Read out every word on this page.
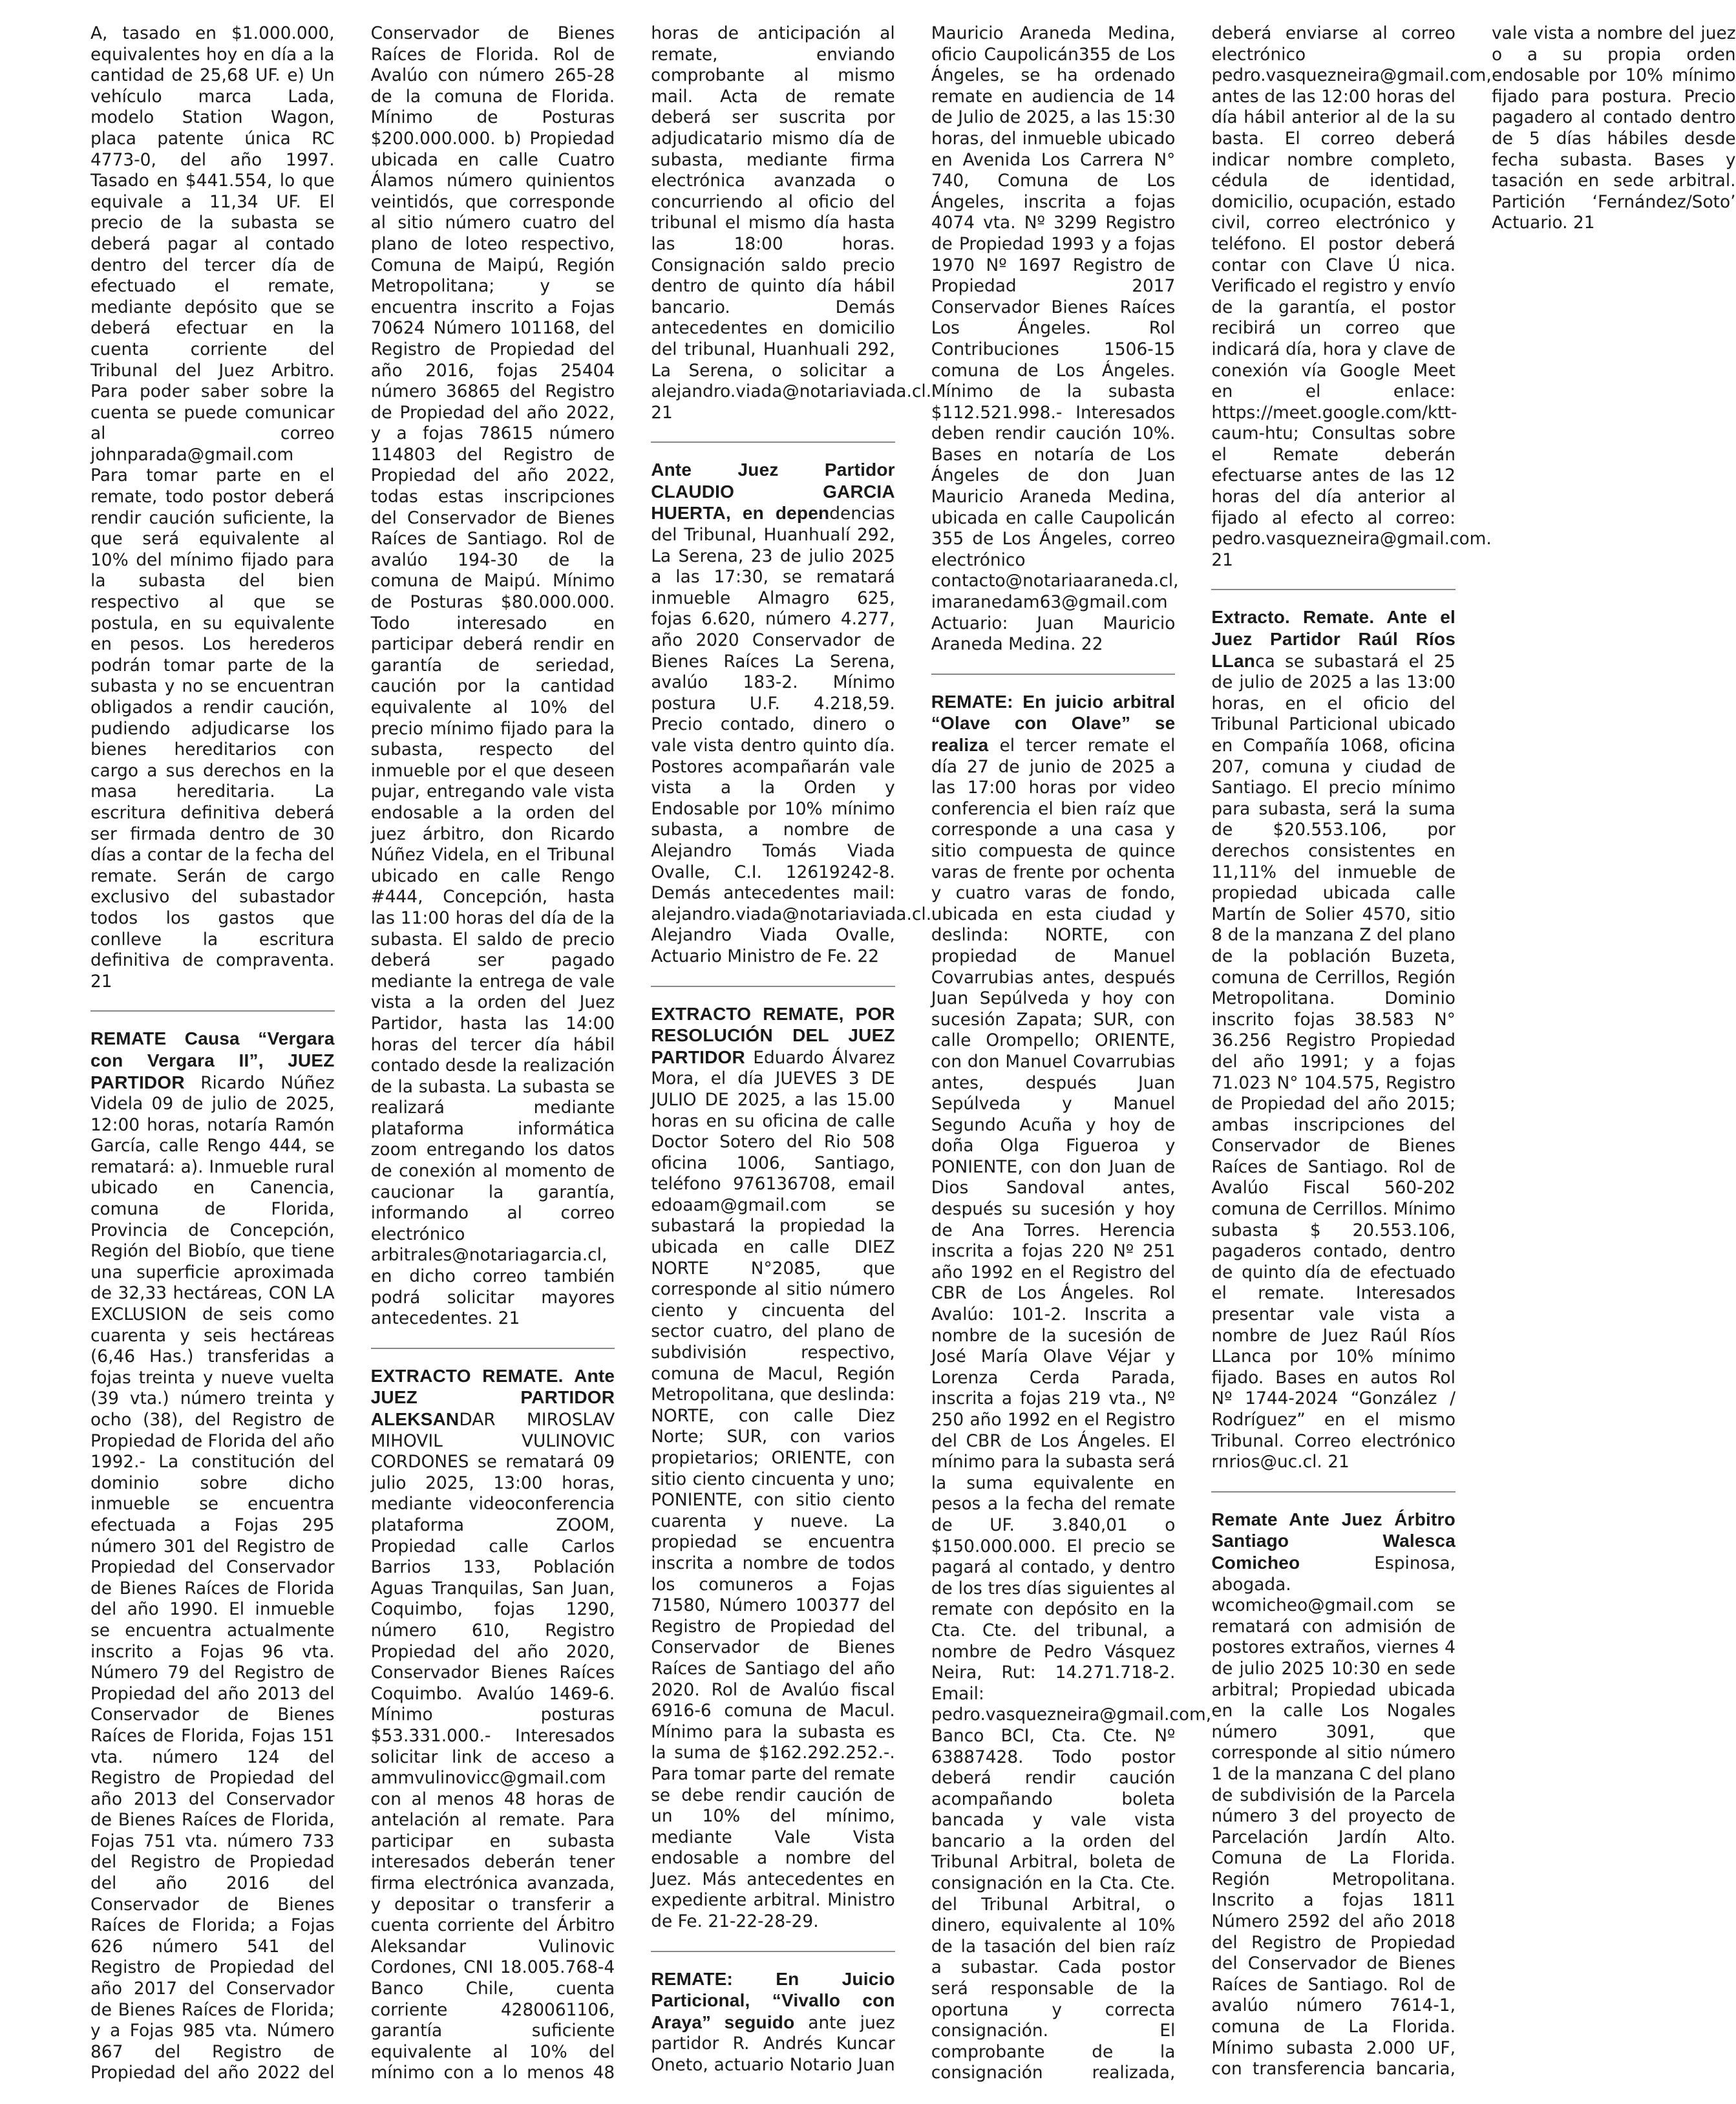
A, tasado en $1.000.000, equivalentes hoy en día a la cantidad de 25,68 UF. e) Un vehículo marca Lada, modelo Station Wagon, placa patente única RC 4773-0, del año 1997. Tasado en $441.554, lo que equivale a 11,34 UF. El precio de la subasta se deberá pagar al contado dentro del tercer día de efectuado el remate, mediante depósito que se deberá efectuar en la cuenta corriente del Tribunal del Juez Arbitro. Para poder saber sobre la cuenta se puede comunicar al correo johnparada@gmail.com Para tomar parte en el remate, todo postor deberá rendir caución suficiente, la que será equivalente al 10% del mínimo fijado para la subasta del bien respectivo al que se postula, en su equivalente en pesos. Los herederos podrán tomar parte de la subasta y no se encuentran obligados a rendir caución, pudiendo adjudicarse los bienes hereditarios con cargo a sus derechos en la masa hereditaria. La escritura definitiva deberá ser firmada dentro de 30 días a contar de la fecha del remate. Serán de cargo exclusivo del subastador todos los gastos que conlleve la escritura definitiva de compraventa. 21

REMATE Causa “Vergara con Vergara II”, JUEZ PARTIDOR Ricardo Núñez Videla 09 de julio de 2025, 12:00 horas, notaría Ramón García, calle Rengo 444, se rematará: a). Inmueble rural ubicado en Canencia, comuna de Florida, Provincia de Concepción, Región del Biobío, que tiene una superficie aproximada de 32,33 hectáreas, CON LA EXCLUSION de seis como cuarenta y seis hectáreas (6,46 Has.) transferidas a fojas treinta y nueve vuelta (39 vta.) número treinta y ocho (38), del Registro de Propiedad de Florida del año 1992.- La constitución del dominio sobre dicho inmueble se encuentra efectuada a Fojas 295 número 301 del Registro de Propiedad del Conservador de Bienes Raíces de Florida del año 1990. El inmueble se encuentra actualmente inscrito a Fojas 96 vta. Número 79 del Registro de Propiedad del año 2013 del Conservador de Bienes Raíces de Florida, Fojas 151 vta. número 124 del Registro de Propiedad del año 2013 del Conservador de Bienes Raíces de Florida, Fojas 751 vta. número 733 del Registro de Propiedad del año 2016 del Conservador de Bienes Raíces de Florida; a Fojas 626 número 541 del Registro de Propiedad del año 2017 del Conservador de Bienes Raíces de Florida; y a Fojas 985 vta. Número 867 del Registro de Propiedad del año 2022 del Conservador de Bienes Raíces de Florida. Rol de Avalúo con número 265-28 de la comuna de Florida. Mínimo de Posturas $200.000.000. b) Propiedad ubicada en calle Cuatro Álamos número quinientos veintidós, que corresponde al sitio número cuatro del plano de loteo respectivo, Comuna de Maipú, Región Metropolitana; y se encuentra inscrito a Fojas 70624 Número 101168, del Registro de Propiedad del año 2016, fojas 25404 número 36865 del Registro de Propiedad del año 2022, y a fojas 78615 número 114803 del Registro de Propiedad del año 2022, todas estas inscripciones del Conservador de Bienes Raíces de Santiago. Rol de avalúo 194-30 de la comuna de Maipú. Mínimo de Posturas $80.000.000. Todo interesado en participar deberá rendir en garantía de seriedad, caución por la cantidad equivalente al 10% del precio mínimo fijado para la subasta, respecto del inmueble por el que deseen pujar, entregando vale vista endosable a la orden del juez árbitro, don Ricardo Núñez Videla, en el Tribunal ubicado en calle Rengo #444, Concepción, hasta las 11:00 horas del día de la subasta. El saldo de precio deberá ser pagado mediante la entrega de vale vista a la orden del Juez Partidor, hasta las 14:00 horas del tercer día hábil contado desde la realización de la subasta. La subasta se realizará mediante plataforma informática zoom entregando los datos de conexión al momento de caucionar la garantía, informando al correo electrónico arbitrales@notariagarcia.cl, en dicho correo también podrá solicitar mayores antecedentes. 21

EXTRACTO REMATE. Ante JUEZ PARTIDOR ALEKSANDAR MIROSLAV MIHOVIL VULINOVIC CORDONES se rematará 09 julio 2025, 13:00 horas, mediante videoconferencia plataforma ZOOM, Propiedad calle Carlos Barrios 133, Población Aguas Tranquilas, San Juan, Coquimbo, fojas 1290, número 610, Registro Propiedad del año 2020, Conservador Bienes Raíces Coquimbo. Avalúo 1469-6. Mínimo posturas $53.331.000.- Interesados solicitar link de acceso a ammvulinovicc@gmail.com con al menos 48 horas de antelación al remate. Para participar en subasta interesados deberán tener firma electrónica avanzada, y depositar o transferir a cuenta corriente del Árbitro Aleksandar Vulinovic Cordones, CNI 18.005.768-4 Banco Chile, cuenta corriente 4280061106, garantía suficiente equivalente al 10% del mínimo con a lo menos 48 horas de anticipación al remate, enviando comprobante al mismo mail. Acta de remate deberá ser suscrita por adjudicatario mismo día de subasta, mediante firma electrónica avanzada o concurriendo al oficio del tribunal el mismo día hasta las 18:00 horas. Consignación saldo precio dentro de quinto día hábil bancario. Demás antecedentes en domicilio del tribunal, Huanhuali 292, La Serena, o solicitar a alejandro.viada@notariaviada.cl. 21

Ante Juez Partidor CLAUDIO GARCIA HUERTA, en dependencias del Tribunal, Huanhualí 292, La Serena, 23 de julio 2025 a las 17:30, se rematará inmueble Almagro 625, fojas 6.620, número 4.277, año 2020 Conservador de Bienes Raíces La Serena, avalúo 183-2. Mínimo postura U.F. 4.218,59. Precio contado, dinero o vale vista dentro quinto día. Postores acompañarán vale vista a la Orden y Endosable por 10% mínimo subasta, a nombre de Alejandro Tomás Viada Ovalle, C.I. 12619242-8. Demás antecedentes mail: alejandro.viada@notariaviada.cl. Alejandro Viada Ovalle, Actuario Ministro de Fe. 22

EXTRACTO REMATE, POR RESOLUCIÓN DEL JUEZ PARTIDOR Eduardo Álvarez Mora, el día JUEVES 3 DE JULIO DE 2025, a las 15.00 horas en su oficina de calle Doctor Sotero del Rio 508 oficina 1006, Santiago, teléfono 976136708, email edoaam@gmail.com se subastará la propiedad la ubicada en calle DIEZ NORTE N°2085, que corresponde al sitio número ciento y cincuenta del sector cuatro, del plano de subdivisión respectivo, comuna de Macul, Región Metropolitana, que deslinda: NORTE, con calle Diez Norte; SUR, con varios propietarios; ORIENTE, con sitio ciento cincuenta y uno; PONIENTE, con sitio ciento cuarenta y nueve. La propiedad se encuentra inscrita a nombre de todos los comuneros a Fojas 71580, Número 100377 del Registro de Propiedad del Conservador de Bienes Raíces de Santiago del año 2020. Rol de Avalúo fiscal 6916-6 comuna de Macul. Mínimo para la subasta es la suma de $162.292.252.-. Para tomar parte del remate se debe rendir caución de un 10% del mínimo, mediante Vale Vista endosable a nombre del Juez. Más antecedentes en expediente arbitral. Ministro de Fe. 21-22-28-29.

REMATE: En Juicio Particional, “Vivallo con Araya” seguido ante juez partidor R. Andrés Kuncar Oneto, actuario Notario Juan Mauricio Araneda Medina, oficio Caupolicán355 de Los Ángeles, se ha ordenado remate en audiencia de 14 de Julio de 2025, a las 15:30 horas, del inmueble ubicado en Avenida Los Carrera N° 740, Comuna de Los Ángeles, inscrita a fojas 4074 vta. Nº 3299 Registro de Propiedad 1993 y a fojas 1970 Nº 1697 Registro de Propiedad 2017 Conservador Bienes Raíces Los Ángeles. Rol Contribuciones 1506-15 comuna de Los Ángeles. Mínimo de la subasta $112.521.998.- Interesados deben rendir caución 10%. Bases en notaría de Los Ángeles de don Juan Mauricio Araneda Medina, ubicada en calle Caupolicán 355 de Los Ángeles, correo electrónico contacto@notariaaraneda.cl, imaranedam63@gmail.com Actuario: Juan Mauricio Araneda Medina. 22

REMATE: En juicio arbitral “Olave con Olave” se realiza el tercer remate el día 27 de junio de 2025 a las 17:00 horas por video conferencia el bien raíz que corresponde a una casa y sitio compuesta de quince varas de frente por ochenta y cuatro varas de fondo, ubicada en esta ciudad y deslinda: NORTE, con propiedad de Manuel Covarrubias antes, después Juan Sepúlveda y hoy con sucesión Zapata; SUR, con calle Orompello; ORIENTE, con don Manuel Covarrubias antes, después Juan Sepúlveda y Manuel Segundo Acuña y hoy de doña Olga Figueroa y PONIENTE, con don Juan de Dios Sandoval antes, después su sucesión y hoy de Ana Torres. Herencia inscrita a fojas 220 Nº 251 año 1992 en el Registro del CBR de Los Ángeles. Rol Avalúo: 101-2. Inscrita a nombre de la sucesión de José María Olave Véjar y Lorenza Cerda Parada, inscrita a fojas 219 vta., Nº 250 año 1992 en el Registro del CBR de Los Ángeles. El mínimo para la subasta será la suma equivalente en pesos a la fecha del remate de UF. 3.840,01 o $150.000.000. El precio se pagará al contado, y dentro de los tres días siguientes al remate con depósito en la Cta. Cte. del tribunal, a nombre de Pedro Vásquez Neira, Rut: 14.271.718-2. Email: pedro.vasquezneira@gmail.com, Banco BCI, Cta. Cte. Nº 63887428. Todo postor deberá rendir caución acompañando boleta bancada y vale vista bancario a la orden del Tribunal Arbitral, boleta de consignación en la Cta. Cte. del Tribunal Arbitral, o dinero, equivalente al 10% de la tasación del bien raíz a subastar. Cada postor será responsable de la oportuna y correcta consignación. El comprobante de la consignación realizada, deberá enviarse al correo electrónico pedro.vasquezneira@gmail.com, antes de las 12:00 horas del día hábil anterior al de la su basta. El correo deberá indicar nombre completo, cédula de identidad, domicilio, ocupación, estado civil, correo electrónico y teléfono. El postor deberá contar con Clave Ú nica. Verificado el registro y envío de la garantía, el postor recibirá un correo que indicará día, hora y clave de conexión vía Google Meet en el enlace: https://meet.google.com/ktt-caum-htu; Consultas sobre el Remate deberán efectuarse antes de las 12 horas del día anterior al fijado al efecto al correo: pedro.vasquezneira@gmail.com. 21

Extracto. Remate. Ante el Juez Partidor Raúl Ríos LLanca se subastará el 25 de julio de 2025 a las 13:00 horas, en el oficio del Tribunal Particional ubicado en Compañía 1068, oficina 207, comuna y ciudad de Santiago. El precio mínimo para subasta, será la suma de $20.553.106, por derechos consistentes en 11,11% del inmueble de propiedad ubicada calle Martín de Solier 4570, sitio 8 de la manzana Z del plano de la población Buzeta, comuna de Cerrillos, Región Metropolitana. Dominio inscrito fojas 38.583 N° 36.256 Registro Propiedad del año 1991; y a fojas 71.023 N° 104.575, Registro de Propiedad del año 2015; ambas inscripciones del Conservador de Bienes Raíces de Santiago. Rol de Avalúo Fiscal 560-202 comuna de Cerrillos. Mínimo subasta $ 20.553.106, pagaderos contado, dentro de quinto día de efectuado el remate. Interesados presentar vale vista a nombre de Juez Raúl Ríos LLanca por 10% mínimo fijado. Bases en autos Rol Nº 1744-2024 “González / Rodríguez” en el mismo Tribunal. Correo electrónico rnrios@uc.cl. 21

Remate Ante Juez Árbitro Santiago Walesca Comicheo Espinosa, abogada. wcomicheo@gmail.com se rematará con admisión de postores extraños, viernes 4 de julio 2025 10:30 en sede arbitral; Propiedad ubicada en la calle Los Nogales número 3091, que corresponde al sitio número 1 de la manzana C del plano de subdivisión de la Parcela número 3 del proyecto de Parcelación Jardín Alto. Comuna de La Florida. Región Metropolitana. Inscrito a fojas 1811 Número 2592 del año 2018 del Registro de Propiedad del Conservador de Bienes Raíces de Santiago. Rol de avalúo número 7614-1, comuna de La Florida. Mínimo subasta 2.000 UF, con transferencia bancaria, vale vista a nombre del juez o a su propia orden endosable por 10% mínimo fijado para postura. Precio pagadero al contado dentro de 5 días hábiles desde fecha subasta. Bases y tasación en sede arbitral. Partición ‘Fernández/Soto’ Actuario. 21
